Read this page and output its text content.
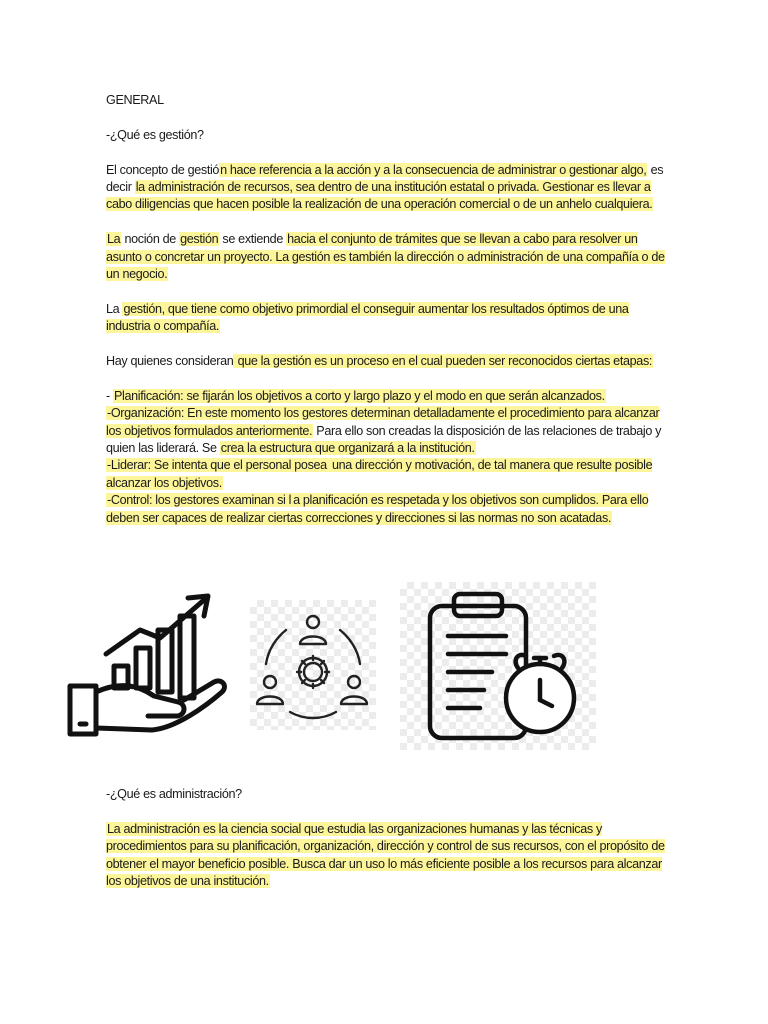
GENERAL

-¿Qué es gestión?

El concepto de gestión hace referencia a la acción y a la consecuencia de administrar o gestionar algo, es decir la administración de recursos, sea dentro de una institución estatal o privada. Gestionar es llevar a cabo diligencias que hacen posible la realización de una operación comercial o de un anhelo cualquiera.

La noción de gestión se extiende hacia el conjunto de trámites que se llevan a cabo para resolver un asunto o concretar un proyecto. La gestión es también la dirección o administración de una compañía o de un negocio.

La gestión, que tiene como objetivo primordial el conseguir aumentar los resultados óptimos de una industria o compañía.

Hay quienes consideran que la gestión es un proceso en el cual pueden ser reconocidos ciertas etapas:

- Planificación: se fijarán los objetivos a corto y largo plazo y el modo en que serán alcanzados.

-Organización: En este momento los gestores determinan detalladamente el procedimiento para alcanzar los objetivos formulados anteriormente. Para ello son creadas la disposición de las relaciones de trabajo y quien las liderará. Se crea la estructura que organizará a la institución.

-Liderar: Se intenta que el personal posea una dirección y motivación, de tal manera que resulte posible alcanzar los objetivos.

-Control: los gestores examinan si l a planificación es respetada y los objetivos son cumplidos. Para ello deben ser capaces de realizar ciertas correcciones y direcciones si las normas no son acatadas.

-¿Qué es administración?

La administración es la ciencia social que estudia las organizaciones humanas y las técnicas y procedimientos para su planificación, organización, dirección y control de sus recursos, con el propósito de obtener el mayor beneficio posible. Busca dar un uso lo más eficiente posible a los recursos para alcanzar los objetivos de una institución.
